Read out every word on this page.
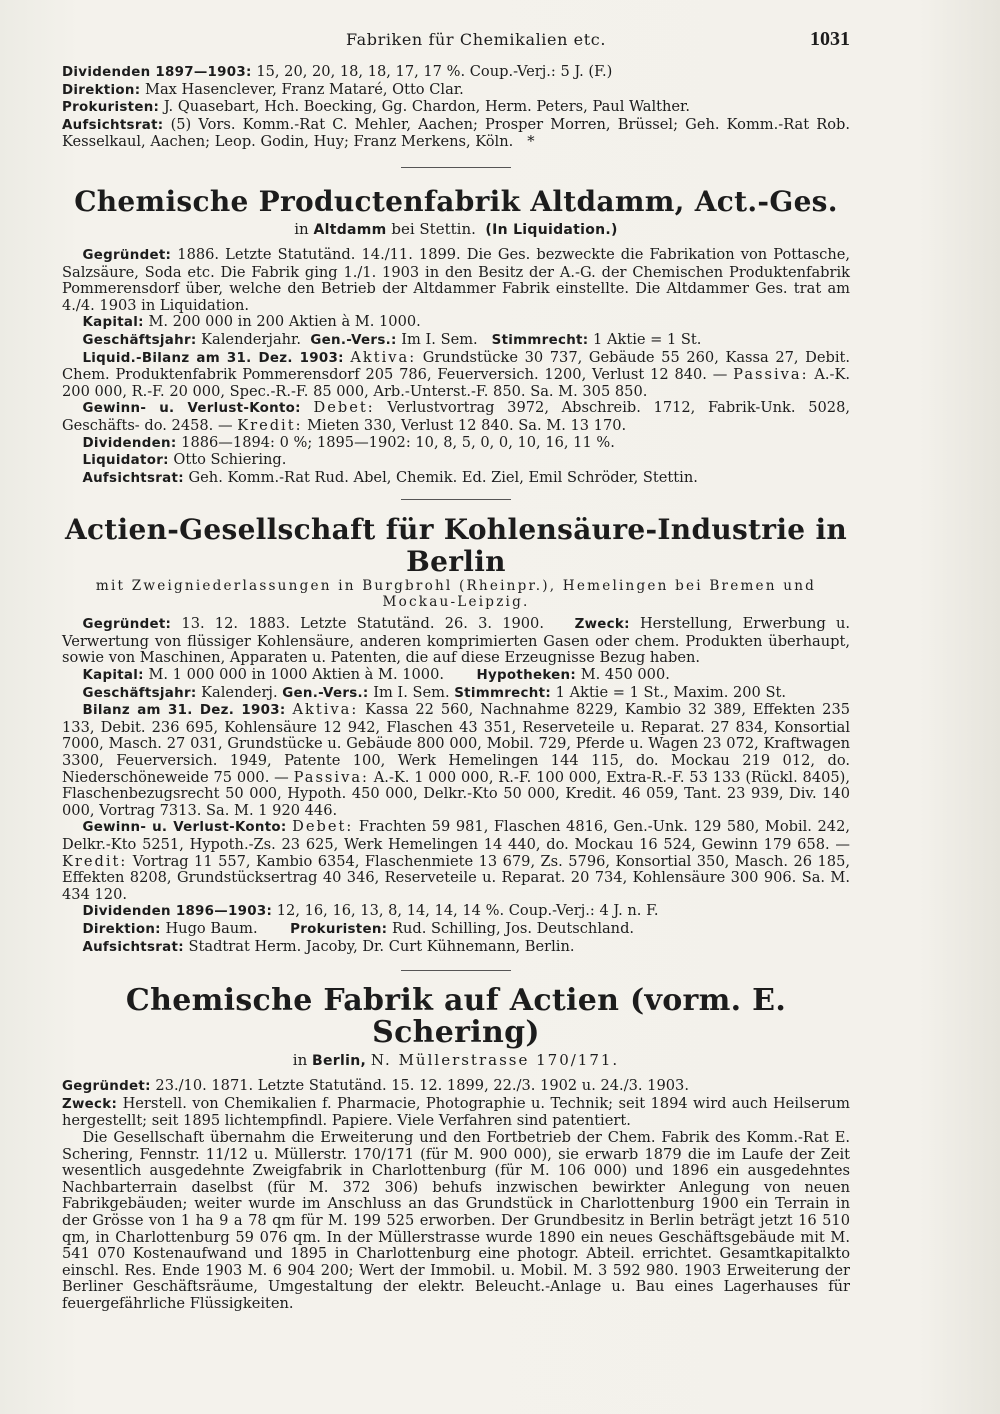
Fabriken für Chemikalien etc.	1031

Dividenden 1897—1903: 15, 20, 20, 18, 18, 17, 17 %. Coup.-Verj.: 5 J. (F.)

Direktion: Max Hasenclever, Franz Mataré, Otto Clar.

Prokuristen: J. Quasebart, Hch. Boecking, Gg. Chardon, Herm. Peters, Paul Walther.

Aufsichtsrat: (5) Vors. Komm.-Rat C. Mehler, Aachen; Prosper Morren, Brüssel; Geh. Komm.-Rat Rob. Kesselkaul, Aachen; Leop. Godin, Huy; Franz Merkens, Köln. *

Chemische Productenfabrik Altdamm, Act.-Ges.
in Altdamm bei Stettin. (In Liquidation.)

Gegründet: 1886. Letzte Statutänd. 14./11. 1899. Die Ges. bezweckte die Fabrikation von Pottasche, Salzsäure, Soda etc. Die Fabrik ging 1./1. 1903 in den Besitz der A.-G. der Chemischen Produktenfabrik Pommerensdorf über, welche den Betrieb der Altdammer Fabrik einstellte. Die Altdammer Ges. trat am 4./4. 1903 in Liquidation.

Kapital: M. 200 000 in 200 Aktien à M. 1000.

Geschäftsjahr: Kalenderjahr. Gen.-Vers.: Im I. Sem. Stimmrecht: 1 Aktie = 1 St.

Liquid.-Bilanz am 31. Dez. 1903: Aktiva: Grundstücke 30 737, Gebäude 55 260, Kassa 27, Debit. Chem. Produktenfabrik Pommerensdorf 205 786, Feuerversich. 1200, Verlust 12 840. — Passiva: A.-K. 200 000, R.-F. 20 000, Spec.-R.-F. 85 000, Arb.-Unterst.-F. 850. Sa. M. 305 850.

Gewinn- u. Verlust-Konto: Debet: Verlustvortrag 3972, Abschreib. 1712, Fabrik-Unk. 5028, Geschäfts- do. 2458. — Kredit: Mieten 330, Verlust 12 840. Sa. M. 13 170.

Dividenden: 1886—1894: 0 %; 1895—1902: 10, 8, 5, 0, 0, 10, 16, 11 %.

Liquidator: Otto Schiering.

Aufsichtsrat: Geh. Komm.-Rat Rud. Abel, Chemik. Ed. Ziel, Emil Schröder, Stettin.

Actien-Gesellschaft für Kohlensäure-Industrie in Berlin
mit Zweigniederlassungen in Burgbrohl (Rheinpr.), Hemelingen bei Bremen und Mockau-Leipzig.

Gegründet: 13. 12. 1883. Letzte Statutänd. 26. 3. 1900. Zweck: Herstellung, Erwerbung u. Verwertung von flüssiger Kohlensäure, anderen komprimierten Gasen oder chem. Produkten überhaupt, sowie von Maschinen, Apparaten u. Patenten, die auf diese Erzeugnisse Bezug haben.

Kapital: M. 1 000 000 in 1000 Aktien à M. 1000. Hypotheken: M. 450 000.

Geschäftsjahr: Kalenderj. Gen.-Vers.: Im I. Sem. Stimmrecht: 1 Aktie = 1 St., Maxim. 200 St.

Bilanz am 31. Dez. 1903: Aktiva: Kassa 22 560, Nachnahme 8229, Kambio 32 389, Effekten 235 133, Debit. 236 695, Kohlensäure 12 942, Flaschen 43 351, Reserveteile u. Reparat. 27 834, Konsortial 7000, Masch. 27 031, Grundstücke u. Gebäude 800 000, Mobil. 729, Pferde u. Wagen 23 072, Kraftwagen 3300, Feuerversich. 1949, Patente 100, Werk Hemelingen 144 115, do. Mockau 219 012, do. Niederschöneweide 75 000. — Passiva: A.-K. 1 000 000, R.-F. 100 000, Extra-R.-F. 53 133 (Rückl. 8405), Flaschenbezugsrecht 50 000, Hypoth. 450 000, Delkr.-Kto 50 000, Kredit. 46 059, Tant. 23 939, Div. 140 000, Vortrag 7313. Sa. M. 1 920 446.

Gewinn- u. Verlust-Konto: Debet: Frachten 59 981, Flaschen 4816, Gen.-Unk. 129 580, Mobil. 242, Delkr.-Kto 5251, Hypoth.-Zs. 23 625, Werk Hemelingen 14 440, do. Mockau 16 524, Gewinn 179 658. — Kredit: Vortrag 11 557, Kambio 6354, Flaschenmiete 13 679, Zs. 5796, Konsortial 350, Masch. 26 185, Effekten 8208, Grundstücksertrag 40 346, Reserveteile u. Reparat. 20 734, Kohlensäure 300 906. Sa. M. 434 120.

Dividenden 1896—1903: 12, 16, 16, 13, 8, 14, 14, 14 %. Coup.-Verj.: 4 J. n. F.

Direktion: Hugo Baum. Prokuristen: Rud. Schilling, Jos. Deutschland.

Aufsichtsrat: Stadtrat Herm. Jacoby, Dr. Curt Kühnemann, Berlin.

Chemische Fabrik auf Actien (vorm. E. Schering)
in Berlin, N. Müllerstrasse 170/171.

Gegründet: 23./10. 1871. Letzte Statutänd. 15. 12. 1899, 22./3. 1902 u. 24./3. 1903.

Zweck: Herstell. von Chemikalien f. Pharmacie, Photographie u. Technik; seit 1894 wird auch Heilserum hergestellt; seit 1895 lichtempfindl. Papiere. Viele Verfahren sind patentiert.

Die Gesellschaft übernahm die Erweiterung und den Fortbetrieb der Chem. Fabrik des Komm.-Rat E. Schering, Fennstr. 11/12 u. Müllerstr. 170/171 (für M. 900 000), sie erwarb 1879 die im Laufe der Zeit wesentlich ausgedehnte Zweigfabrik in Charlottenburg (für M. 106 000) und 1896 ein ausgedehntes Nachbarterrain daselbst (für M. 372 306) behufs inzwischen bewirkter Anlegung von neuen Fabrikgebäuden; weiter wurde im Anschluss an das Grundstück in Charlottenburg 1900 ein Terrain in der Grösse von 1 ha 9 a 78 qm für M. 199 525 erworben. Der Grundbesitz in Berlin beträgt jetzt 16 510 qm, in Charlottenburg 59 076 qm. In der Müllerstrasse wurde 1890 ein neues Geschäftsgebäude mit M. 541 070 Kostenaufwand und 1895 in Charlottenburg eine photogr. Abteil. errichtet. Gesamtkapitalkto einschl. Res. Ende 1903 M. 6 904 200; Wert der Immobil. u. Mobil. M. 3 592 980. 1903 Erweiterung der Berliner Geschäftsräume, Umgestaltung der elektr. Beleucht.-Anlage u. Bau eines Lagerhauses für feuergefährliche Flüssigkeiten.
